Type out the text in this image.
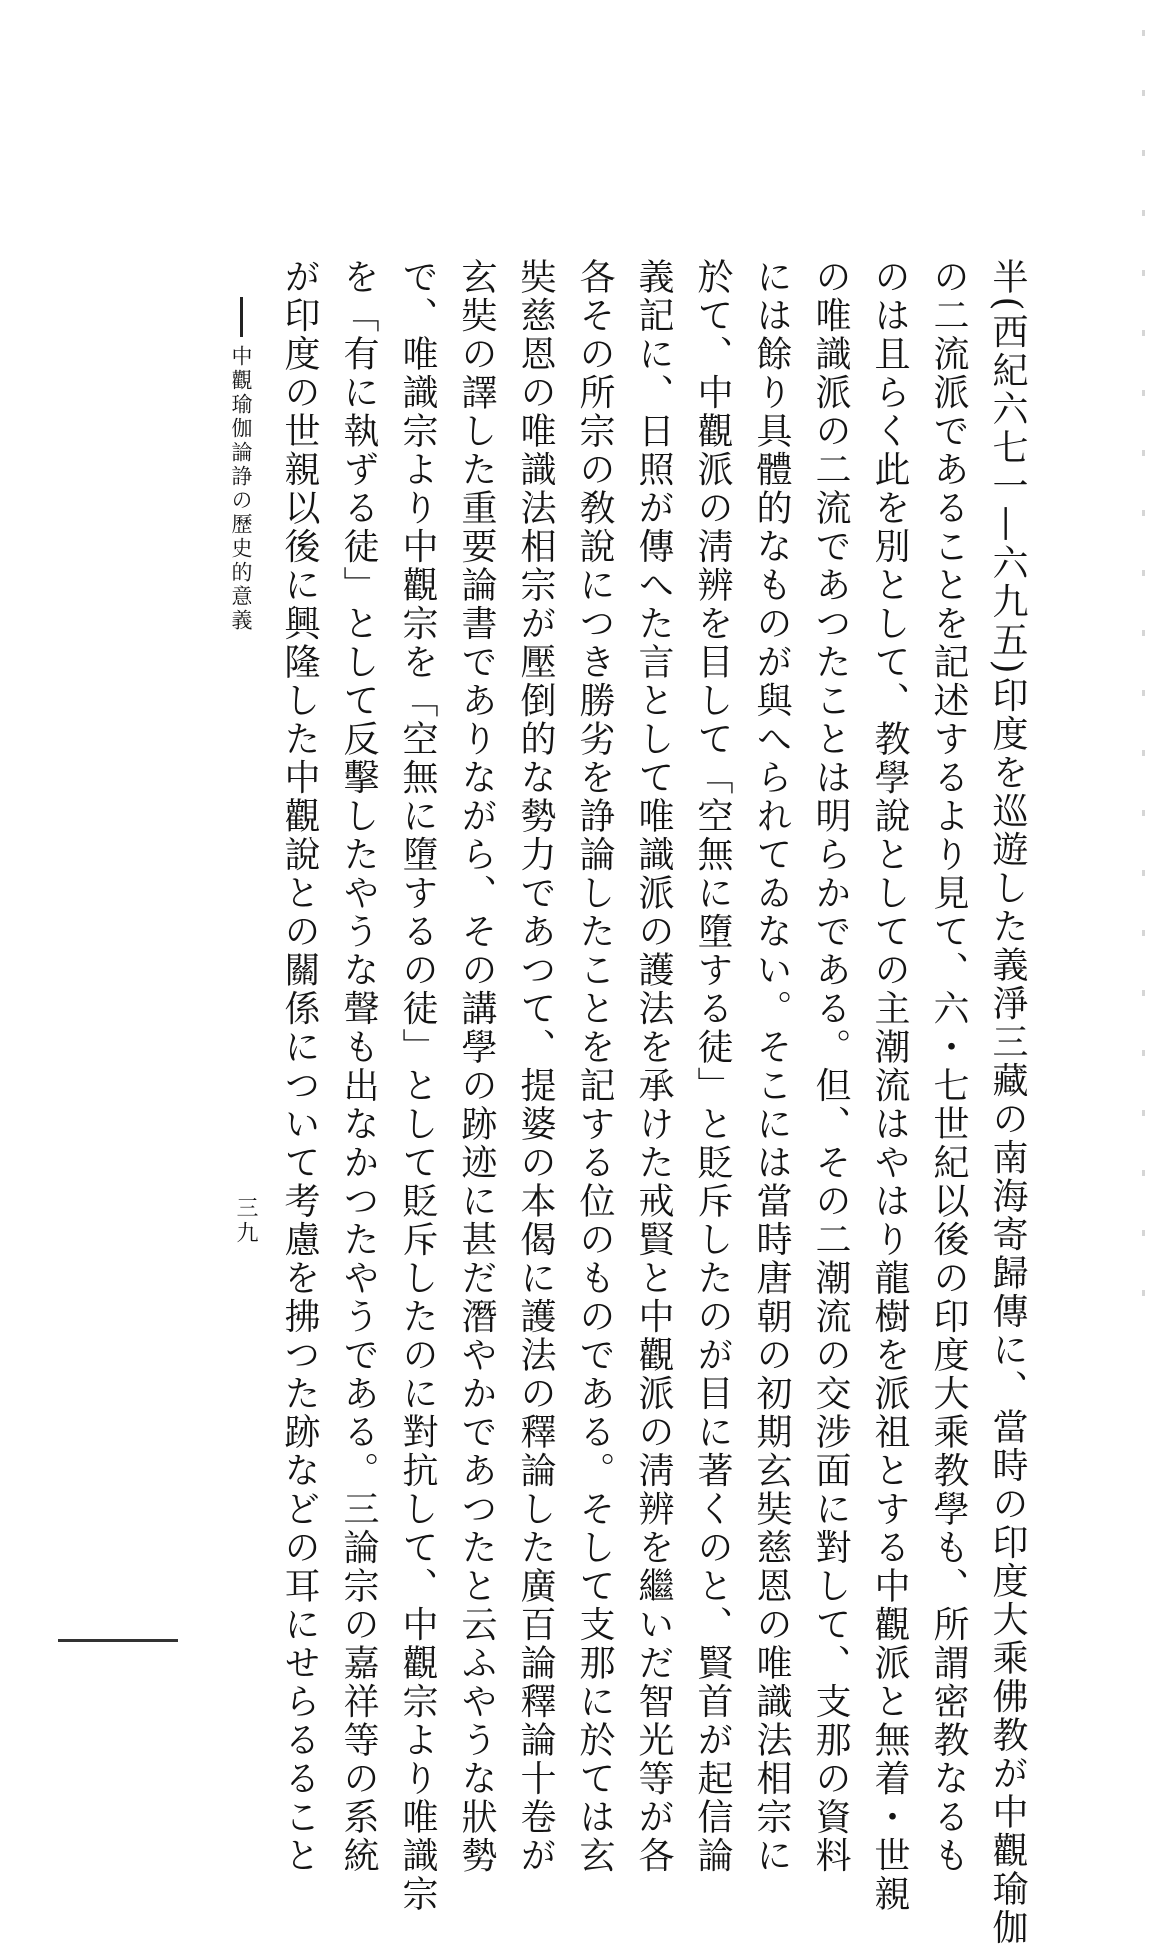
半(西紀六七一—六九五)印度を巡遊した義淨三藏の南海寄歸傳に、當時の印度大乘佛教が中觀瑜伽
の二流派であることを記述するより見て、六・七世紀以後の印度大乘教學も、所謂密教なるも
のは且らく此を別として、教學說としての主潮流はやはり龍樹を派祖とする中觀派と無着・世親
の唯識派の二流であつたことは明らかである。但、その二潮流の交涉面に對して、支那の資料
には餘り具體的なものが與へられてゐない。そこには當時唐朝の初期玄奘慈恩の唯識法相宗に
於て、中觀派の淸辨を目して「空無に墮する徒」と貶斥したのが目に著くのと、賢首が起信論
義記に、日照が傳へた言として唯識派の護法を承けた戒賢と中觀派の淸辨を繼いだ智光等が各
各その所宗の敎說につき勝劣を諍論したことを記する位のものである。そして支那に於ては玄
奘慈恩の唯識法相宗が壓倒的な勢力であつて、提婆の本偈に護法の釋論した廣百論釋論十卷が
玄奘の譯した重要論書でありながら、その講學の跡迹に甚だ潛やかであつたと云ふやうな狀勢
で、唯識宗より中觀宗を「空無に墮するの徒」として貶斥したのに對抗して、中觀宗より唯識宗
を「有に執ずる徒」として反擊したやうな聲も出なかつたやうである。三論宗の嘉祥等の系統
が印度の世親以後に興隆した中觀說との關係について考慮を拂つた跡などの耳にせらるること
中觀瑜伽論諍の歷史的意義
三九
